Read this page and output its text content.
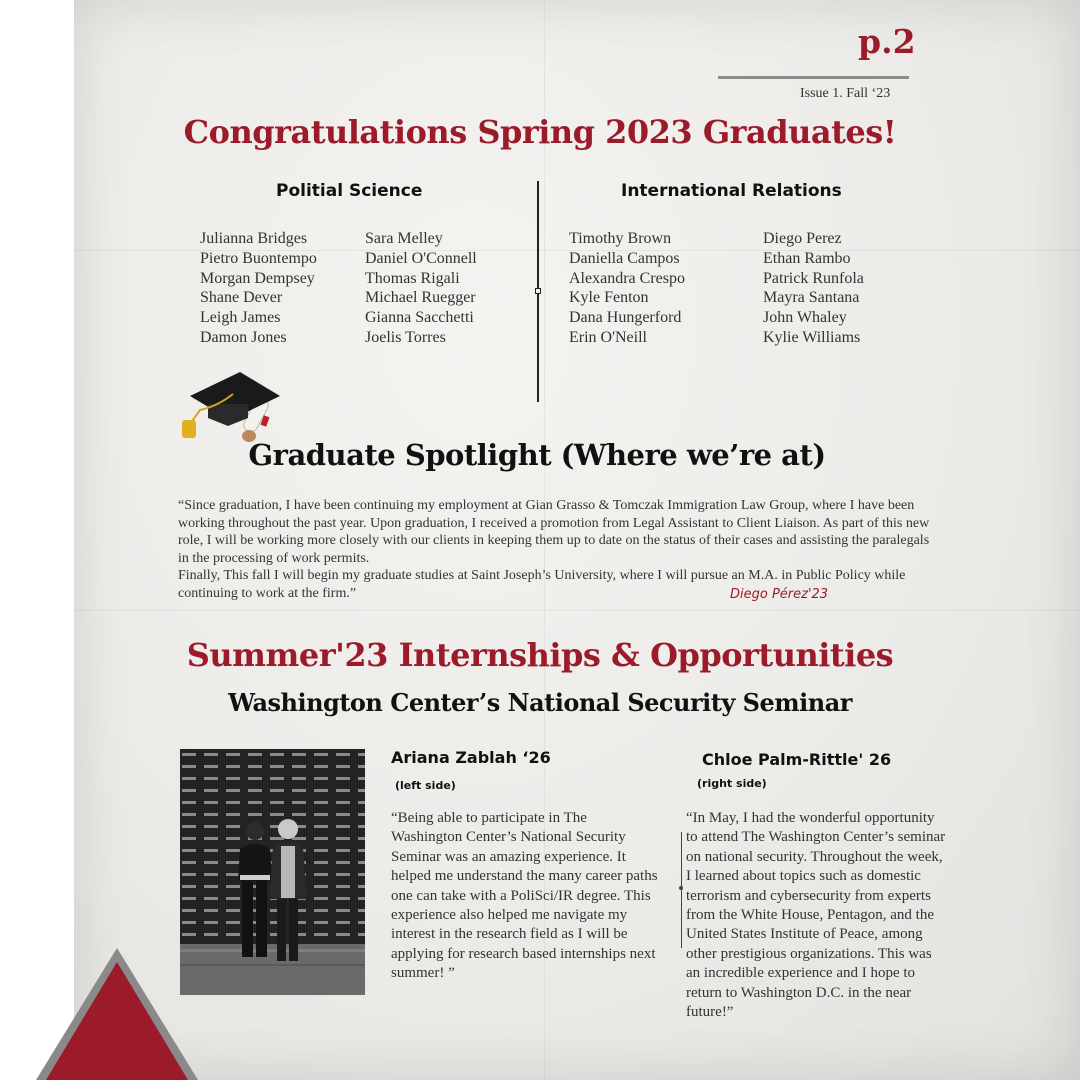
p.2
Issue 1. Fall ‘23
Congratulations Spring 2023 Graduates!
Politial Science	International Relations
Julianna Bridges
Pietro Buontempo
Morgan Dempsey
Shane Dever
Leigh James
Damon Jones
Sara Melley
Daniel O'Connell
Thomas Rigali
Michael Ruegger
Gianna Sacchetti
Joelis Torres
Timothy Brown
Daniella Campos
Alexandra Crespo
Kyle Fenton
Dana Hungerford
Erin O'Neill
Diego Perez
Ethan Rambo
Patrick Runfola
Mayra Santana
John Whaley
Kylie Williams
Graduate Spotlight (Where we’re at)

“Since graduation, I have been continuing my employment at Gian Grasso & Tomczak Immigration Law Group, where I have been working throughout the past year. Upon graduation, I received a promotion from Legal Assistant to Client Liaison. As part of this new role, I will be working more closely with our clients in keeping them up to date on the status of their cases and assisting the paralegals in the processing of work permits.

Finally, This fall I will begin my graduate studies at Saint Joseph’s University, where I will pursue an M.A. in Public Policy while continuing to work at the firm.”	Diego Pérez'23
Summer'23 Internships & Opportunities
Washington Center’s National Security Seminar
Ariana Zablah ‘26
(left side)
“Being able to participate in The Washington Center’s National Security Seminar was an amazing experience. It helped me understand the many career paths one can take with a PoliSci/IR degree. This experience also helped me navigate my interest in the research field as I will be applying for research based internships next summer! ”
Chloe Palm-Rittle' 26
(right side)
“In May, I had the wonderful opportunity to attend The Washington Center’s seminar on national security. Throughout the week, I learned about topics such as domestic terrorism and cybersecurity from experts from the White House, Pentagon, and the United States Institute of Peace, among other prestigious organizations. This was an incredible experience and I hope to return to Washington D.C. in the near future!”
